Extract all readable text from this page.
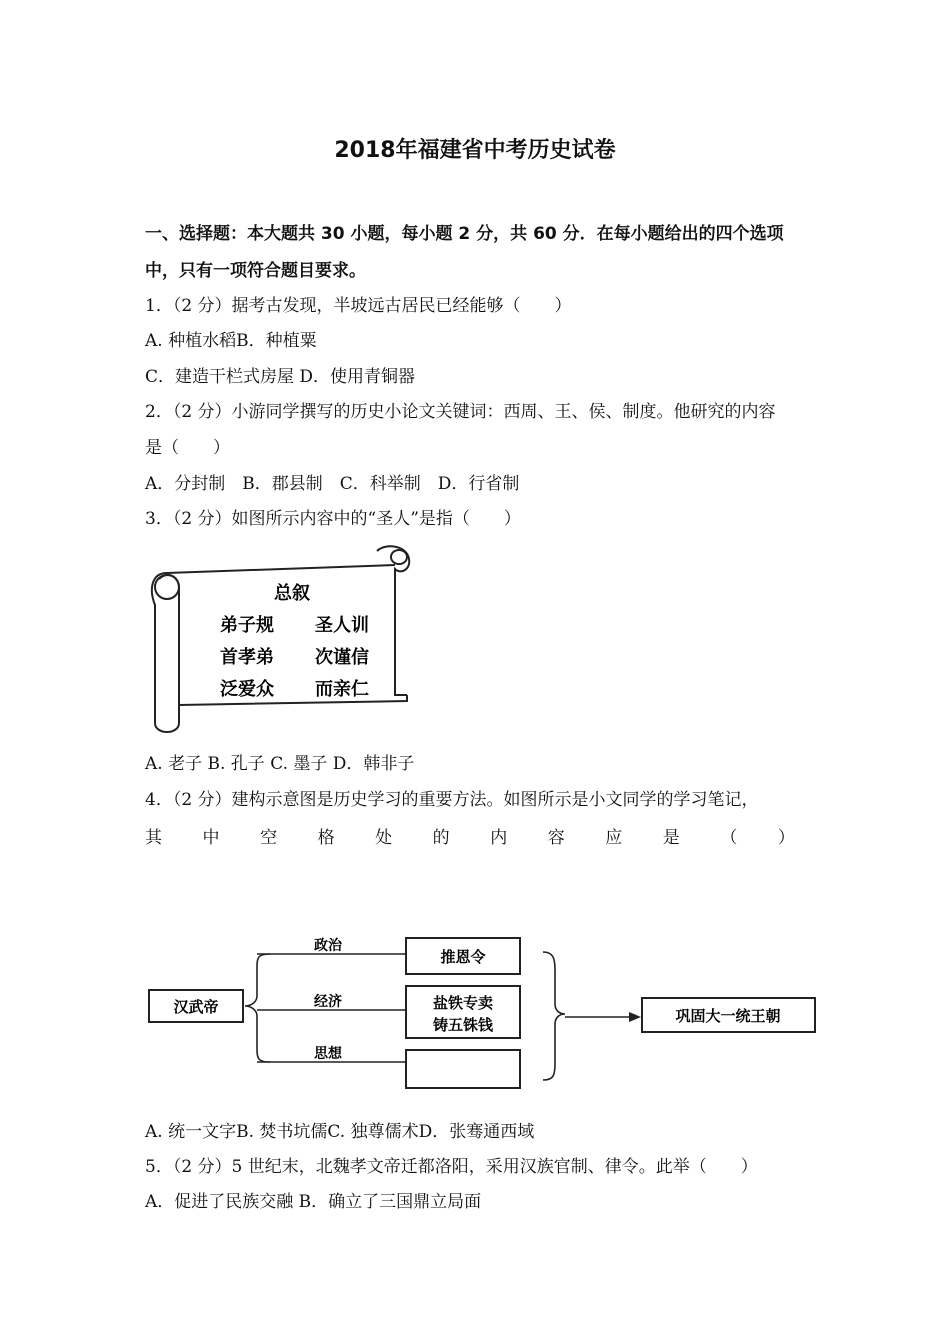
2018年福建省中考历史试卷
一、选择题：本大题共 30 小题，每小题 2 分，共 60 分．在每小题给出的四个选项
中，只有一项符合题目要求。
1．（2 分）据考古发现，半坡远古居民已经能够（　　）
A. 种植水稻B．种植粟
C．建造干栏式房屋 D．使用青铜器
2．（2 分）小游同学撰写的历史小论文关键词：西周、王、侯、制度。他研究的内容
是（　　）
A．分封制　B．郡县制　C．科举制　D．行省制
3．（2 分）如图所示内容中的“圣人”是指（　　）
总叙
弟子规 圣人训
首孝弟 次谨信
泛爱众 而亲仁
A. 老子 B. 孔子 C. 墨子 D．韩非子
4．（2 分）建构示意图是历史学习的重要方法。如图所示是小文同学的学习笔记，
其 中 空 格 处 的 内 容 应 是 （ ）
汉武帝
政治
经济
思想
推恩令
盐铁专卖
铸五铢钱	巩固大一统王朝
A. 统一文字B. 焚书坑儒C. 独尊儒术D．张骞通西域
5．（2 分）5 世纪末，北魏孝文帝迁都洛阳，采用汉族官制、律令。此举（　　）
A．促进了民族交融 B．确立了三国鼎立局面
